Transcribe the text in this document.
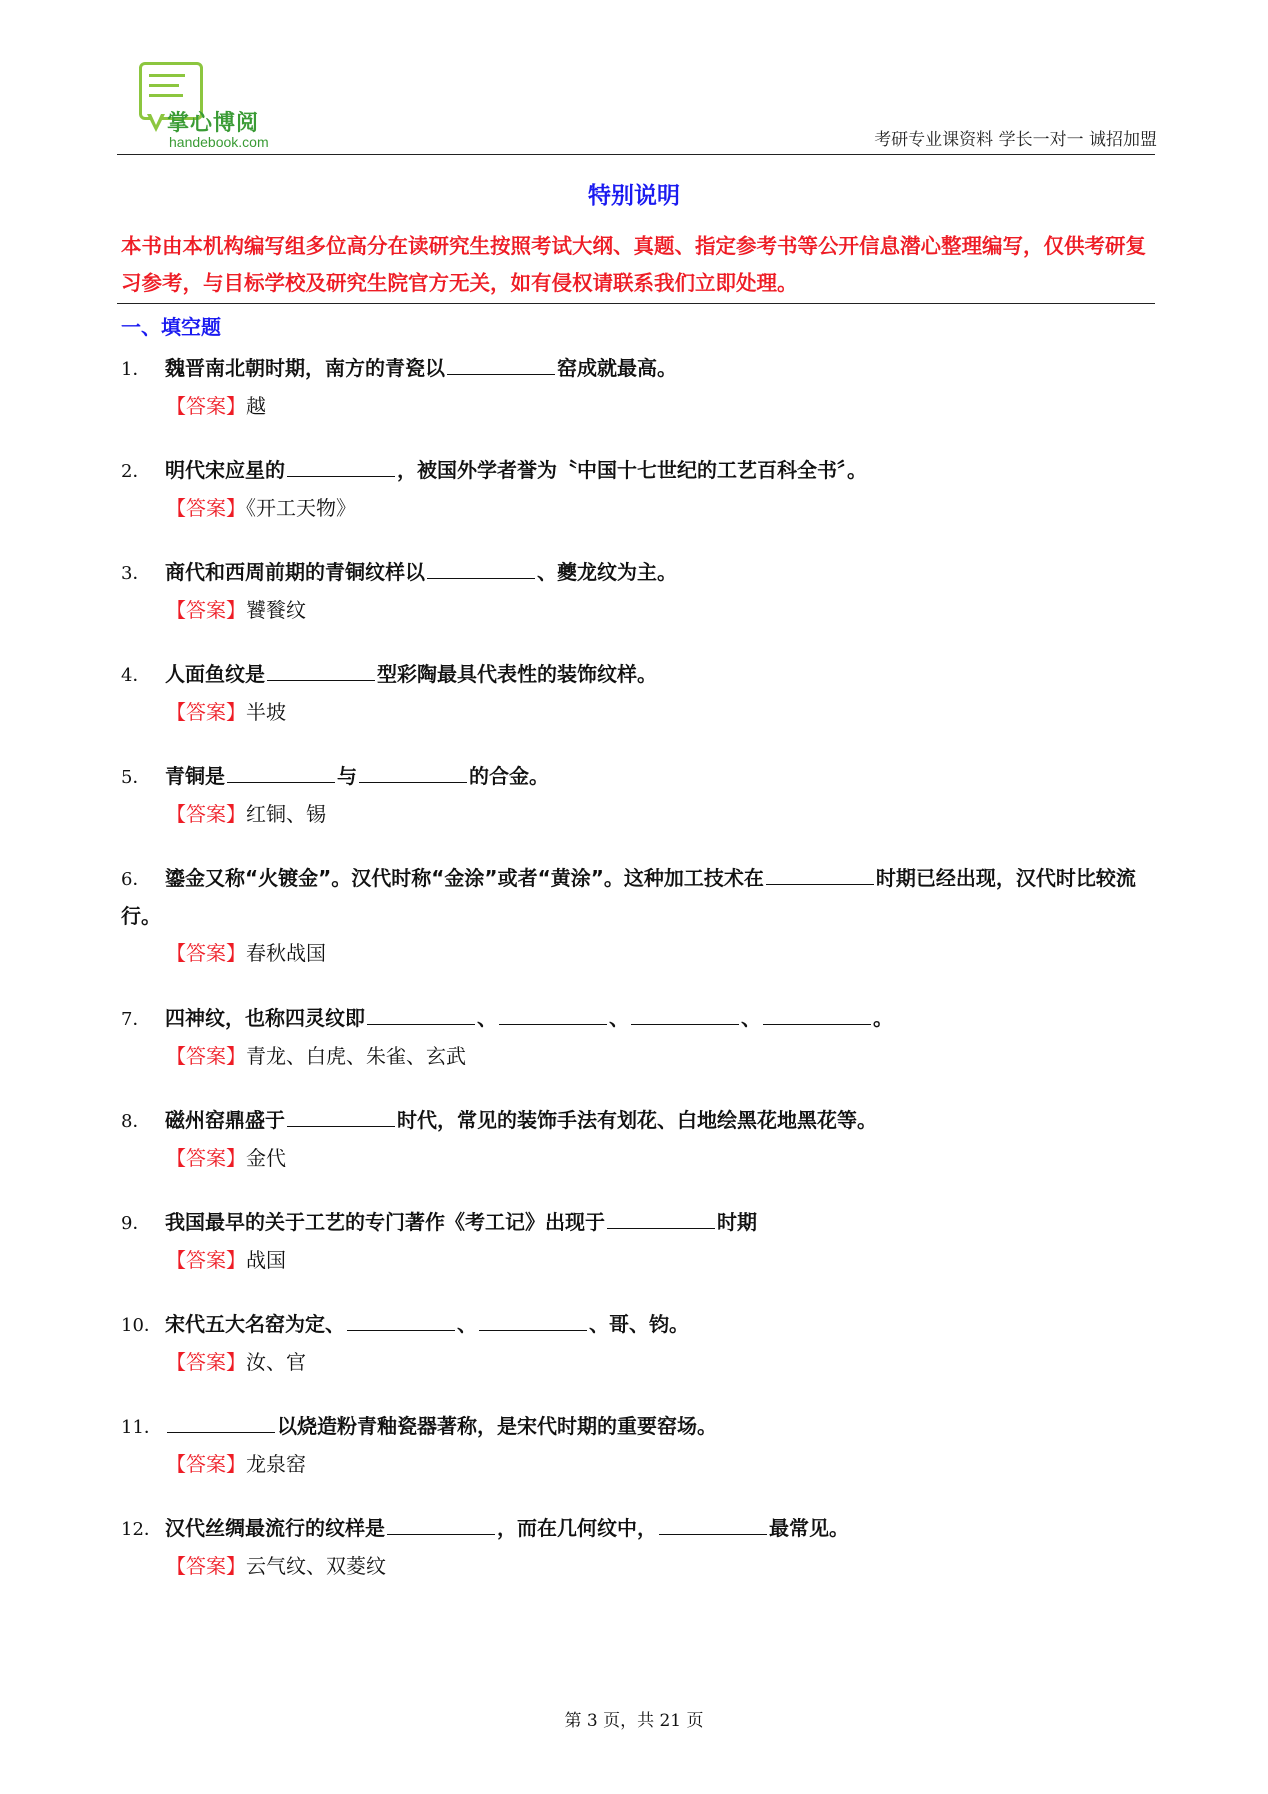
掌心博阅
handebook.com	考研专业课资料 学长一对一 诚招加盟
特别说明
本书由本机构编写组多位高分在读研究生按照考试大纲、真题、指定参考书等公开信息潜心整理编写，仅供考研复习参考，与目标学校及研究生院官方无关，如有侵权请联系我们立即处理。
一、填空题
1． 魏晋南北朝时期，南方的青瓷以	窑成就最高。
【答案】越
2． 明代宋应星的	，被国外学者誉为〝中国十七世纪的工艺百科全书〞。
【答案】《开工天物》
3． 商代和西周前期的青铜纹样以	、夔龙纹为主。
【答案】饕餮纹
4． 人面鱼纹是	型彩陶最具代表性的装饰纹样。
【答案】半坡
5． 青铜是	与	的合金。
【答案】红铜、锡
6． 鎏金又称“火镀金”。汉代时称“金涂”或者“黄涂”。这种加工技术在	时期已经出现，汉代时比较流行。
【答案】春秋战国
7． 四神纹，也称四灵纹即	、	、	、	。
【答案】青龙、白虎、朱雀、玄武
8． 磁州窑鼎盛于	时代，常见的装饰手法有划花、白地绘黑花地黑花等。
【答案】金代
9． 我国最早的关于工艺的专门著作《考工记》出现于	时期
【答案】战国
10． 宋代五大名窑为定、	、	、哥、钧。
【答案】汝、官
11．	以烧造粉青釉瓷器著称，是宋代时期的重要窑场。
【答案】龙泉窑
12． 汉代丝绸最流行的纹样是	，而在几何纹中，	最常见。
【答案】云气纹、双菱纹
第 3 页，共 21 页
